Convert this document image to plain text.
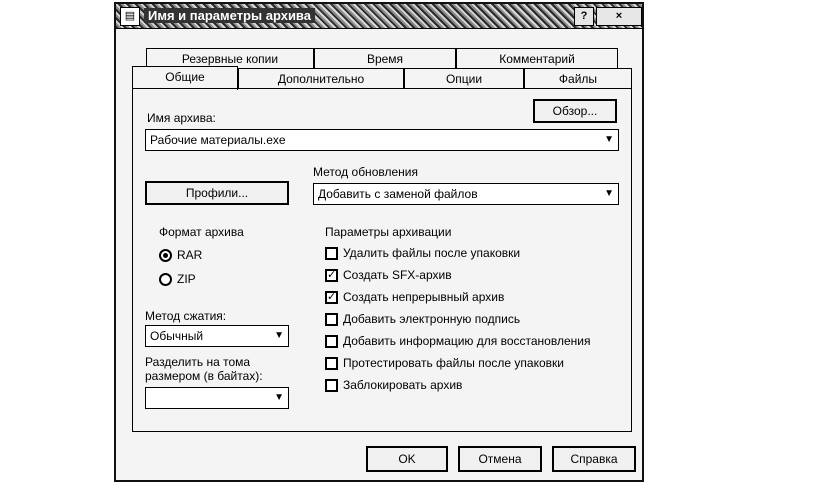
▤ Имя и параметры архива	?	×
Резервные копии	Время	Комментарий
Общие	Дополнительно	Опции	Файлы
Имя архива:	Обзор...
Рабочие материалы.exe	▼
Метод обновления
Профили...	Добавить с заменой файлов	▼
Формат архива
RAR
ZIP
Метод сжатия:
Обычный	▼
Разделить на тома
размером (в байтах):
▼
Параметры архивации
Удалить файлы после упаковки
✓ Создать SFX-архив
✓ Создать непрерывный архив
Добавить электронную подпись
Добавить информацию для восстановления
Протестировать файлы после упаковки
Заблокировать архив
OK	Отмена	Справка
